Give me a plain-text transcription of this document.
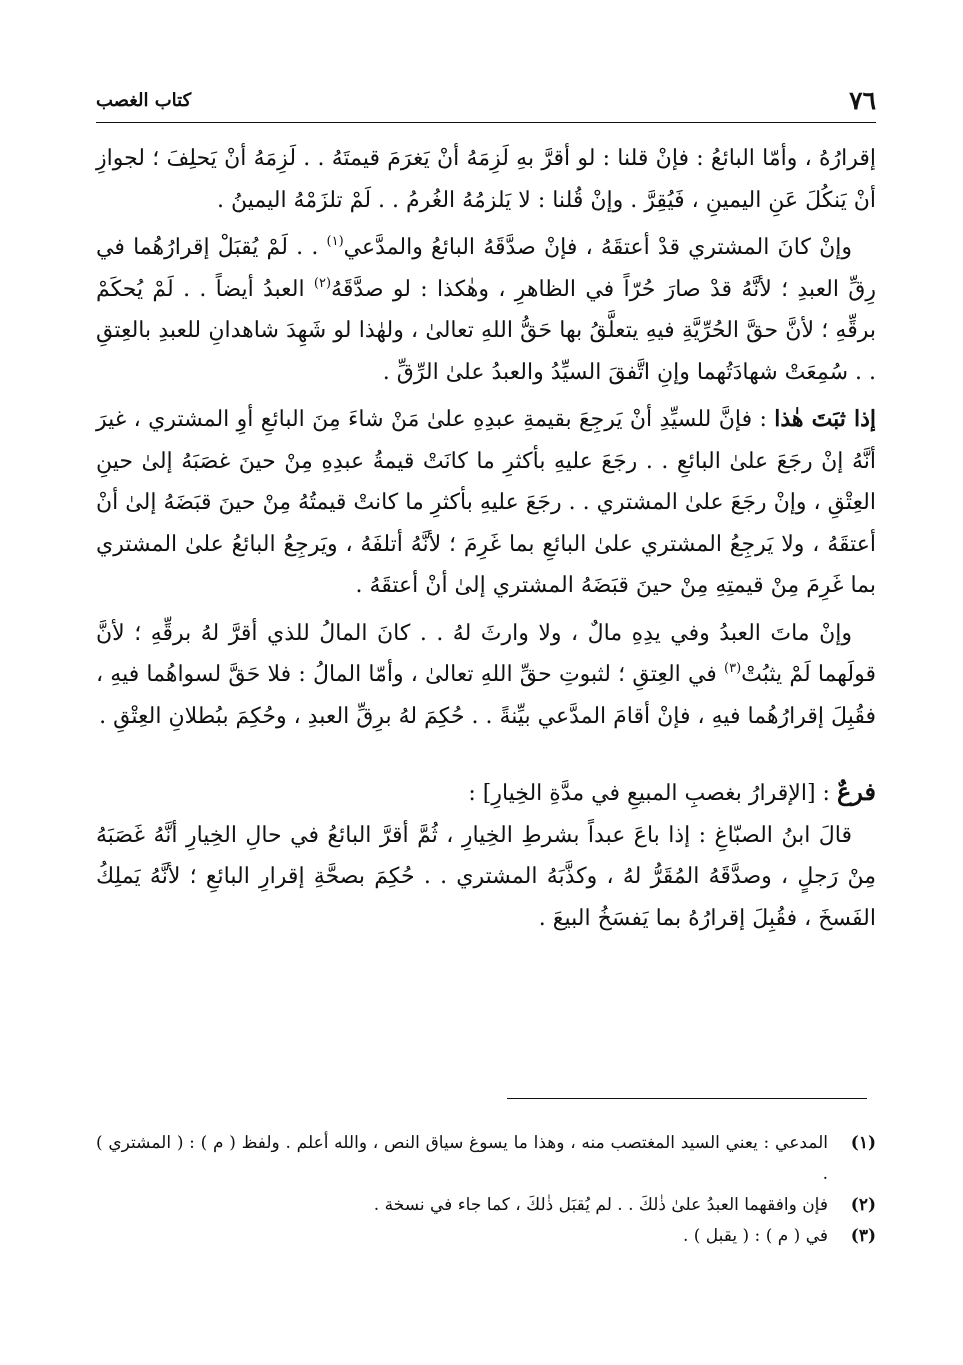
٧٦
كتاب الغصب

إقرارُهُ ، وأمّا البائعُ : فإنْ قلنا : لو أقرَّ بهِ لَزِمَهُ أنْ يَغرَمَ قيمتَهُ . . لَزِمَهُ أنْ يَحلِفَ ؛ لجوازِ أنْ يَنكُلَ عَنِ اليمينِ ، فَيُقِرَّ . وإنْ قُلنا : لا يَلزمُهُ الغُرمُ . . لَمْ تلزَمْهُ اليمينُ .

وإنْ كانَ المشتري قدْ أعتقَهُ ، فإنْ صدَّقَهُ البائعُ والمدَّعي$^{(١)}$ . . لَمْ يُقبَلْ إقرارُهُما في رِقِّ العبدِ ؛ لأنَّهُ قدْ صارَ حُرّاً في الظاهرِ ، وهٰكذا : لو صدَّقَهُ$^{(٢)}$ العبدُ أيضاً . . لَمْ يُحكَمْ برقِّهِ ؛ لأنَّ حقَّ الحُرِّيَّةِ فيهِ يتعلَّقُ بها حَقُّ اللهِ تعالىٰ ، ولهٰذا لو شَهِدَ شاهدانِ للعبدِ بالعِتقِ . . سُمِعَتْ شهادَتُهما وإنِ اتَّفقَ السيِّدُ والعبدُ علىٰ الرِّقِّ .

إذا ثبَتَ هٰذا : فإنَّ للسيِّدِ أنْ يَرجِعَ بقيمةِ عبدِهِ علىٰ مَنْ شاءَ مِنَ البائعِ أوِ المشتري ، غيرَ أنَّهُ إنْ رجَعَ علىٰ البائعِ . . رجَعَ عليهِ بأكثرِ ما كانَتْ قيمةُ عبدِهِ مِنْ حينَ غصَبَهُ إلىٰ حينِ العِتْقِ ، وإنْ رجَعَ علىٰ المشتري . . رجَعَ عليهِ بأكثرِ ما كانتْ قيمتُهُ مِنْ حينَ قبَضَهُ إلىٰ أنْ أعتقَهُ ، ولا يَرجِعُ المشتري علىٰ البائعِ بما غَرِمَ ؛ لأنَّهُ أتلفَهُ ، ويَرجِعُ البائعُ علىٰ المشتري بما غَرِمَ مِنْ قيمتِهِ مِنْ حينَ قبَضَهُ المشتري إلىٰ أنْ أعتقَهُ .

وإنْ ماتَ العبدُ وفي يدِهِ مالٌ ، ولا وارثَ لهُ . . كانَ المالُ للذي أقرَّ لهُ برقِّهِ ؛ لأنَّ قولَهما لَمْ يثبُتْ$^{(٣)}$ في العِتقِ ؛ لثبوتِ حقِّ اللهِ تعالىٰ ، وأمّا المالُ : فلا حَقَّ لسواهُما فيهِ ، فقُبِلَ إقرارُهُما فيهِ ، فإنْ أقامَ المدَّعي بيِّنةً . . حُكِمَ لهُ برِقِّ العبدِ ، وحُكِمَ ببُطلانِ العِتْقِ .

فرعٌ : [الإقرارُ بغصبِ المبيعِ في مدَّةِ الخِيارِ] :

قالَ ابنُ الصبّاغِ : إذا باعَ عبداً بشرطِ الخِيارِ ، ثُمَّ أقرَّ البائعُ في حالِ الخِيارِ أنَّهُ غَصَبَهُ مِنْ رَجلٍ ، وصدَّقَهُ المُقَرُّ لهُ ، وكذَّبَهُ المشتري . . حُكِمَ بصحَّةِ إقرارِ البائعِ ؛ لأنَّهُ يَملِكُ الفَسخَ ، فقُبِلَ إقرارُهُ بما يَفسَخُ البيعَ .

(١)
المدعي : يعني السيد المغتصب منه ، وهذا ما يسوغ سياق النص ، والله أعلم . ولفظ ( م ) : ( المشتري ) .
(٢)
فإن وافقهما العبدُ علىٰ ذٰلكَ . . لم يُقبَل ذٰلكَ ، كما جاء في نسخة .
(٣)
في ( م ) : ( يقبل ) .
